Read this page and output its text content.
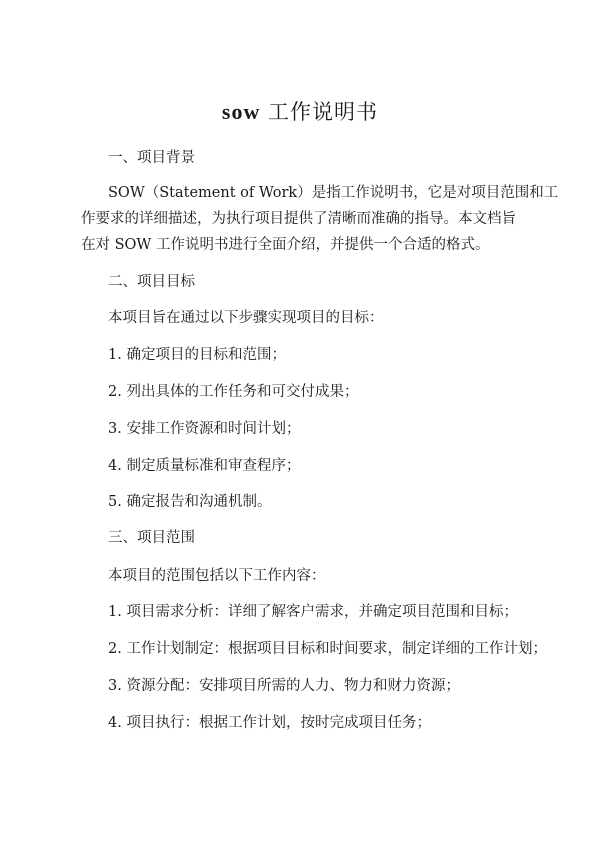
sow 工作说明书
一、项目背景
SOW（Statement of Work）是指工作说明书，它是对项目范围和工
作要求的详细描述，为执行项目提供了清晰而准确的指导。本文档旨
在对 SOW 工作说明书进行全面介绍，并提供一个合适的格式。
二、项目目标
本项目旨在通过以下步骤实现项目的目标：
1. 确定项目的目标和范围；
2. 列出具体的工作任务和可交付成果；
3. 安排工作资源和时间计划；
4. 制定质量标准和审查程序；
5. 确定报告和沟通机制。
三、项目范围
本项目的范围包括以下工作内容：
1. 项目需求分析：详细了解客户需求，并确定项目范围和目标；
2. 工作计划制定：根据项目目标和时间要求，制定详细的工作计划；
3. 资源分配：安排项目所需的人力、物力和财力资源；
4. 项目执行：根据工作计划，按时完成项目任务；
